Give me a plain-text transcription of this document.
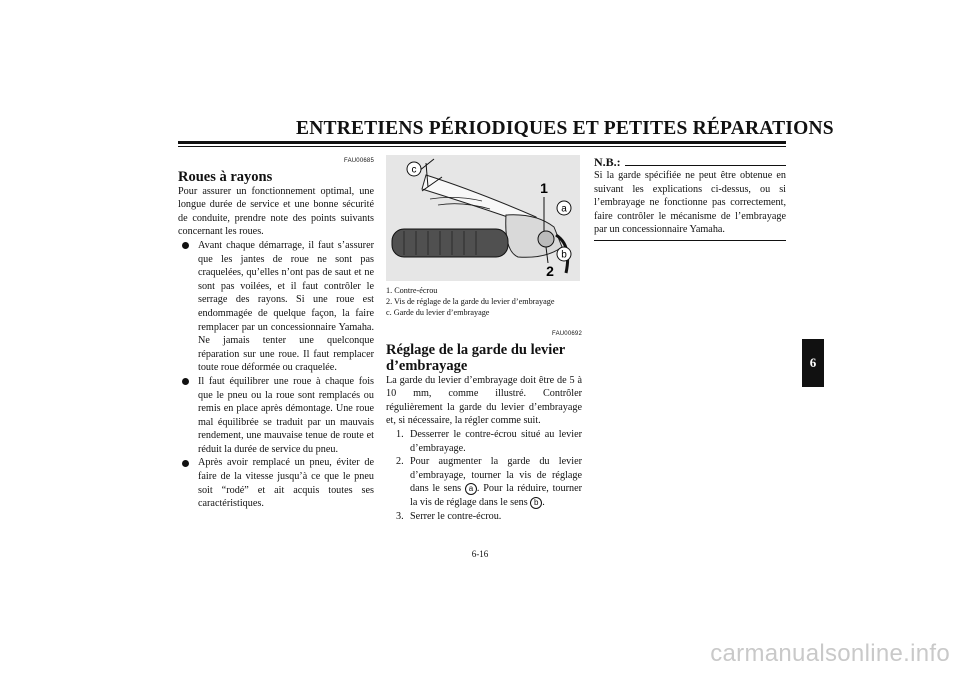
ENTRETIENS PÉRIODIQUES ET PETITES RÉPARATIONS
6
FAU00685
Roues à rayons

Pour assurer un fonctionnement optimal, une longue durée de service et une bonne sécurité de conduite, prendre note des points suivants concernant les roues.

Avant chaque démarrage, il faut s’assurer que les jantes de roue ne sont pas craquelées, qu’elles n’ont pas de saut et ne sont pas voilées, et il faut contrôler le serrage des rayons. Si une roue est endommagée de quelque façon, la faire remplacer par un concessionnaire Yamaha. Ne jamais tenter une quelconque réparation sur une roue. Il faut remplacer toute roue déformée ou craquelée.
Il faut équilibrer une roue à chaque fois que le pneu ou la roue sont remplacés ou remis en place après démontage. Une roue mal équilibrée se traduit par un mauvais rendement, une mauvaise tenue de route et réduit la durée de service du pneu.
Après avoir remplacé un pneu, éviter de faire de la vitesse jusqu’à ce que le pneu soit “rodé” et ait acquis toutes ses caractéristiques.
c
1
a
b
2
1. Contre-écrou
2. Vis de réglage de la garde du levier d’embrayage
c. Garde du levier d’embrayage
FAU00692
Réglage de la garde du levier d’embrayage

La garde du levier d’embrayage doit être de 5 à 10 mm, comme illustré. Contrôler régulièrement la garde du levier d’embrayage et, si nécessaire, la régler comme suit.

1. Desserrer le contre-écrou situé au levier d’embrayage.
2. Pour augmenter la garde du levier d’embrayage, tourner la vis de réglage dans le sens a . Pour la réduire, tourner la vis de réglage dans le sens b .
3. Serrer le contre-écrou.
N.B.:

Si la garde spécifiée ne peut être obtenue en suivant les explications ci-dessus, ou si l’embrayage ne fonctionne pas correctement, faire contrôler le mécanisme de l’embrayage par un concessionnaire Yamaha.

6-16
carmanualsonline.info
